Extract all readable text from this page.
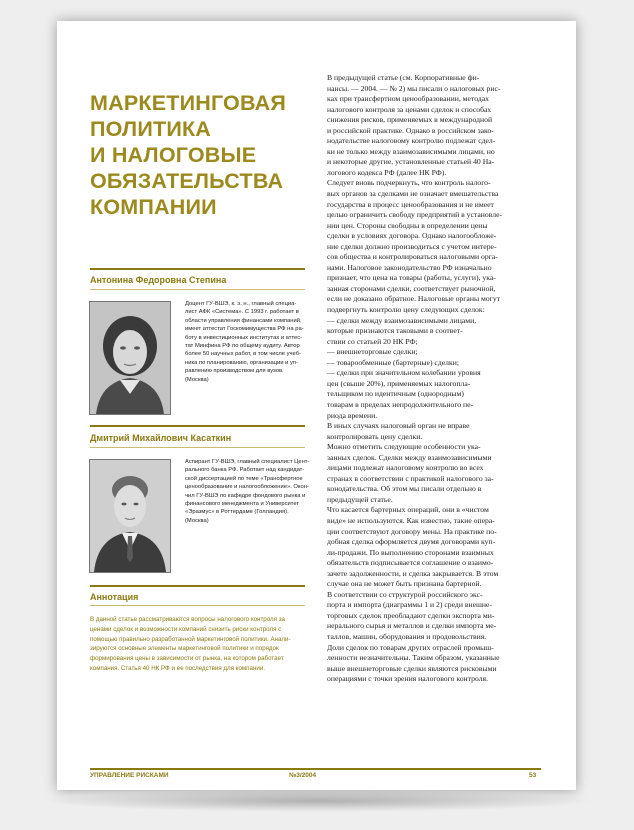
МАРКЕТИНГОВАЯ
ПОЛИТИКА
И НАЛОГОВЫЕ
ОБЯЗАТЕЛЬСТВА
КОМПАНИИ
Антонина Федоровна Степина
Доцент ГУ-ВШЭ, к. э. н., главный специа-
лист АФК «Система». С 1993 г. работает в
области управления финансами компаний,
имеет аттестат Госкомимущества РФ на ра-
боту в инвестиционных институтах и аттес-
тат Минфина РФ по общему аудиту. Автор
более 50 научных работ, в том числе учеб-
ника по планированию, организации и уп-
равлению производством для вузов.
(Москва)
Дмитрий Михайлович Касаткин
Аспирант ГУ-ВШЭ, главный специалист Цент-
рального банка РФ. Работает над кандидат-
ской диссертацией по теме «Трансфертное
ценообразование и налогообложение». Окон-
чил ГУ-ВШЭ по кафедре фондового рынка и
финансового менеджмента и Университет
«Эразмус» в Роттердаме (Голландия).
(Москва)
Аннотация
В данной статье рассматриваются вопросы налогового контроля за
ценами сделок и возможности компаний снизить риски контроля с
помощью правильно разработанной маркетинговой политики. Анали-
зируются основные элементы маркетинговой политики и порядок
формирования цены в зависимости от рынка, на котором работает
компания. Статья 40 НК РФ и ее последствия для компании.
В предыдущей статье (см. Корпоративные фи-
нансы. — 2004. — № 2) мы писали о налоговых рис-
ках при трансфертном ценообразовании, методах
налогового контроля за ценами сделок и способах
снижения рисков, применяемых в международной
и российской практике. Однако в российском зако-
нодательстве налоговому контролю подлежат сдел-
ки не только между взаимозависимыми лицами, но
и некоторые другие, установленные статьей 40 На-
логового кодекса РФ (далее НК РФ).
Следует вновь подчеркнуть, что контроль налого-
вых органов за сделками не означает вмешательства
государства в процесс ценообразования и не имеет
целью ограничить свободу предприятий в установле-
нии цен. Стороны свободны в определении цены
сделки в условиях договора. Однако налогообложе-
ние сделки должно производиться с учетом интере-
сов общества и контролироваться налоговыми орга-
нами. Налоговое законодательство РФ изначально
признает, что цена на товары (работы, услуги), ука-
занная сторонами сделки, соответствует рыночной,
если не доказано обратное. Налоговые органы могут
подвергнуть контролю цену следующих сделок:
— сделки между взаимозависимыми лицами,
которые признаются таковыми в соответ-
ствии со статьей 20 НК РФ;
— внешнеторговые сделки;
— товарообменные (бартерные) сделки;
— сделки при значительном колебании уровня
цен (свыше 20%), применяемых налогопла-
тельщиком по идентичным (однородным)
товарам в пределах непродолжительного пе-
риода времени.
В иных случаях налоговый орган не вправе
контролировать цену сделки.
Можно отметить следующие особенности ука-
занных сделок. Сделки между взаимозависимыми
лицами подлежат налоговому контролю во всех
странах в соответствии с практикой налогового за-
конодательства. Об этом мы писали отдельно в
предыдущей статье.
Что касается бартерных операций, они в «чистом
виде» не используются. Как известно, такие опера-
ции соответствуют договору мены. На практике по-
добная сделка оформляется двумя договорами куп-
ли-продажи. По выполнению сторонами взаимных
обязательств подписывается соглашение о взаимо-
зачете задолженности, и сделка закрывается. В этом
случае она не может быть признана бартерной.
В соответствии со структурой российского экс-
порта и импорта (диаграммы 1 и 2) среди внешне-
торговых сделок преобладают сделки экспорта ми-
нерального сырья и металлов и сделки импорта ме-
таллов, машин, оборудования и продовольствия.
Доли сделок по товарам других отраслей промыш-
ленности незначительны. Таким образом, указанные
выше внешнеторговые сделки являются рисковыми
операциями с точки зрения налогового контроля.
УПРАВЛЕНИЕ РИСКАМИ	№3/2004	53
